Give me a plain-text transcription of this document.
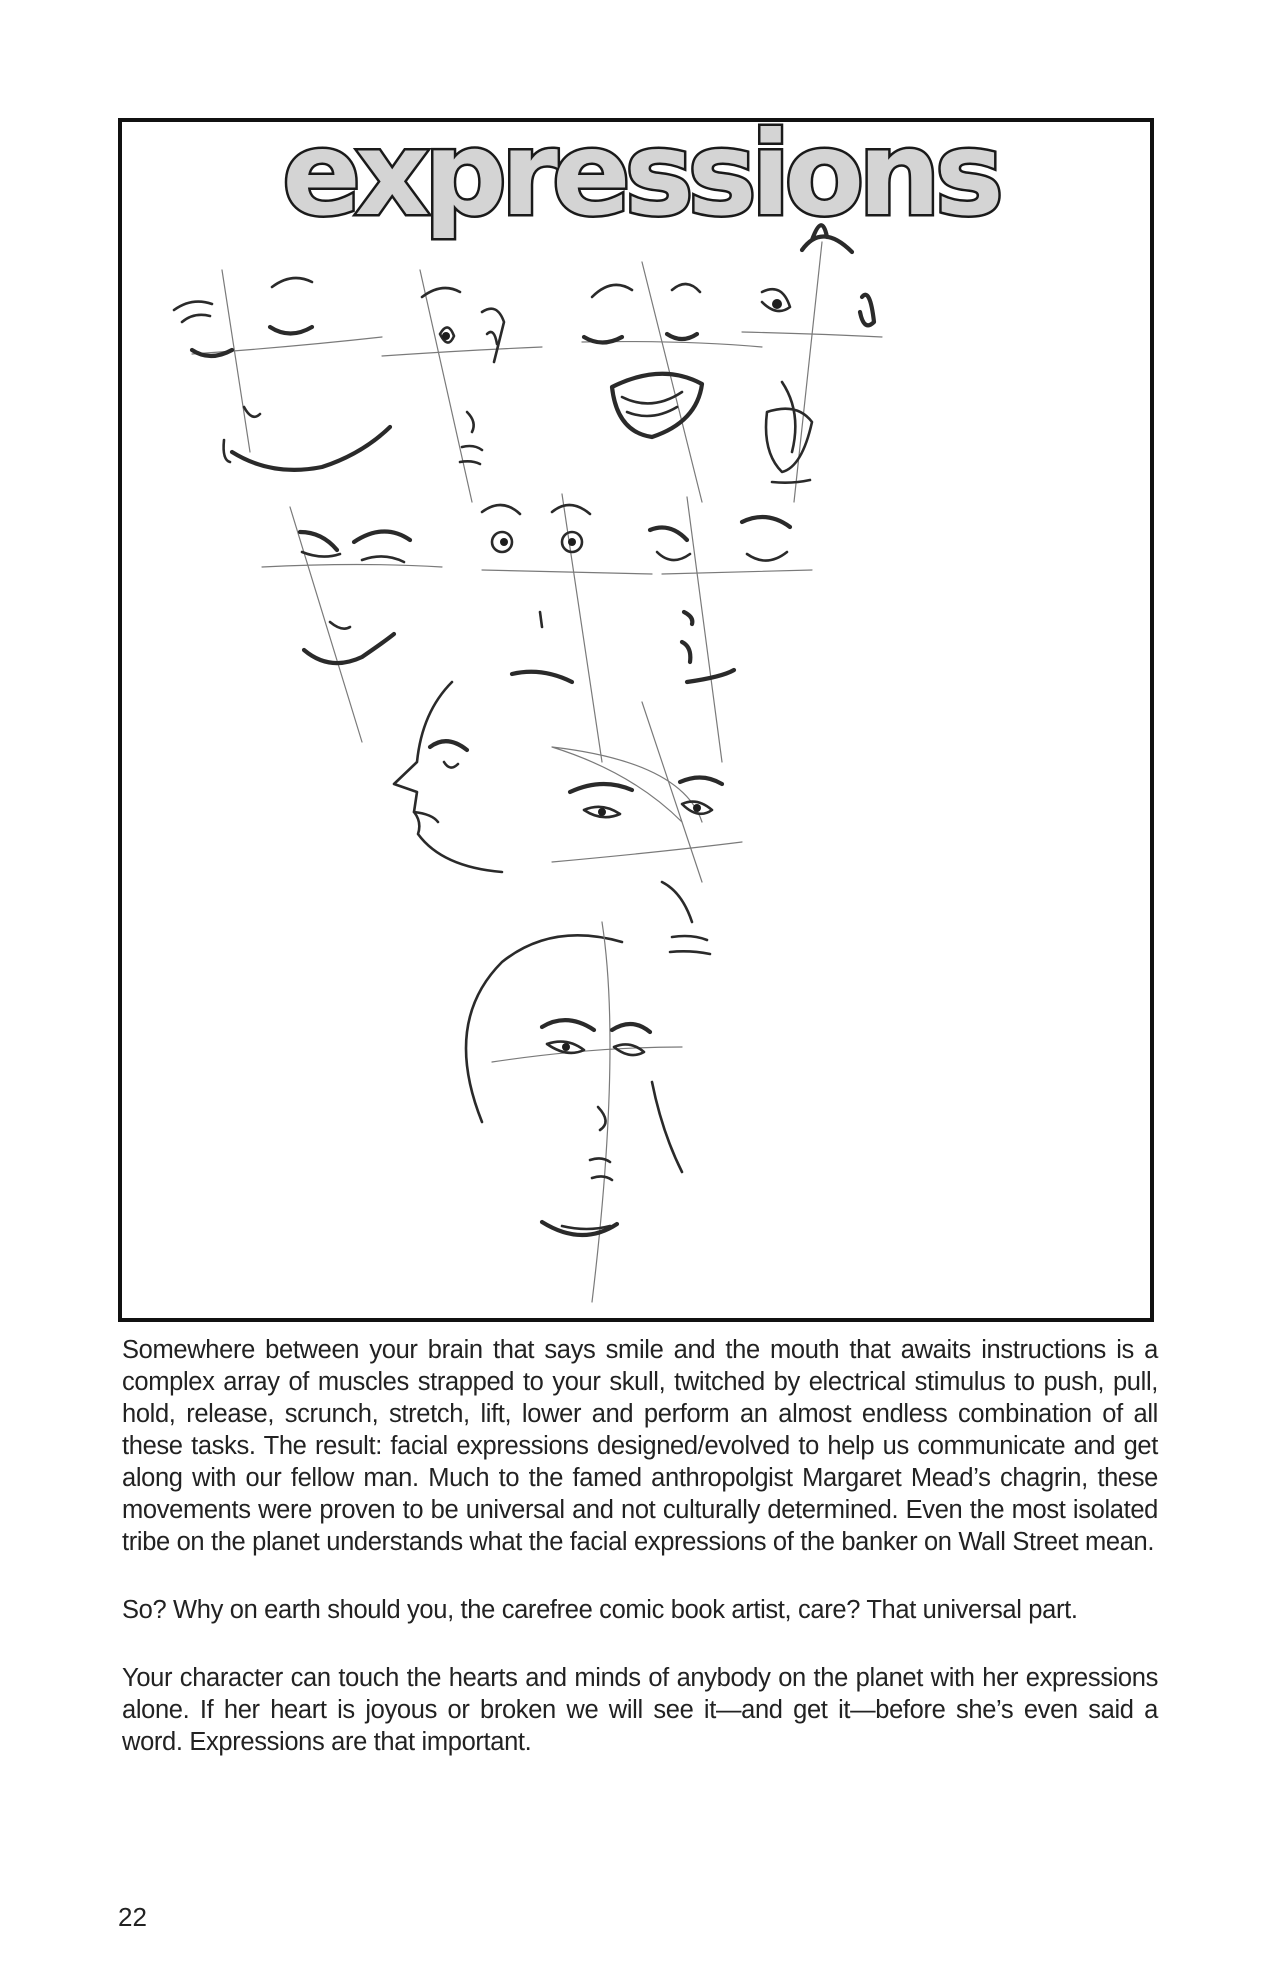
expressions

Somewhere between your brain that says smile and the mouth that awaits instructions is a complex array of muscles strapped to your skull, twitched by electrical stimulus to push, pull, hold, release, scrunch, stretch, lift, lower and perform an almost endless combination of all these tasks. The result: facial expressions designed/evolved to help us communicate and get along with our fellow man. Much to the famed anthropolgist Margaret Mead’s chagrin, these movements were proven to be universal and not culturally determined. Even the most isolated tribe on the planet understands what the facial expressions of the banker on Wall Street mean.

So? Why on earth should you, the carefree comic book artist, care? That universal part.

Your character can touch the hearts and minds of anybody on the planet with her expressions alone. If her heart is joyous or broken we will see it—and get it—before she’s even said a word. Expressions are that important.

22
